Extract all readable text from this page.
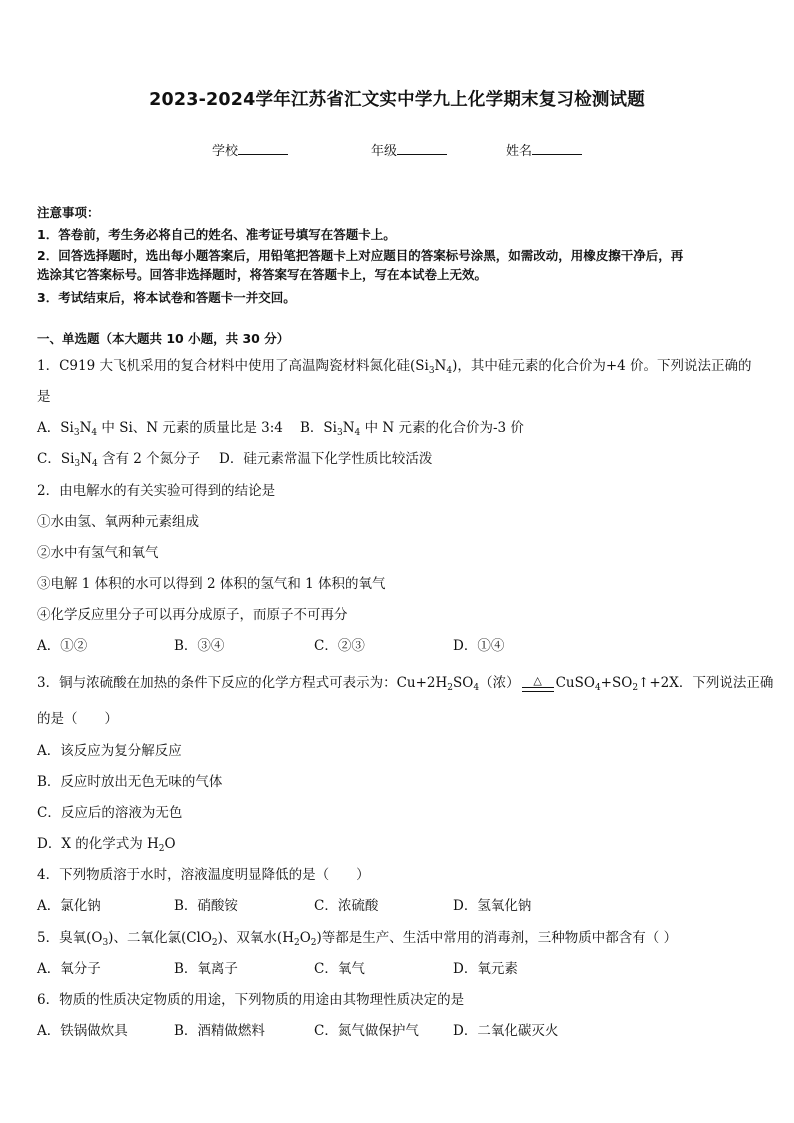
2023-2024学年江苏省汇文实中学九上化学期末复习检测试题
学校	年级	姓名
注意事项：
1．答卷前，考生务必将自己的姓名、准考证号填写在答题卡上。
2．回答选择题时，选出每小题答案后，用铅笔把答题卡上对应题目的答案标号涂黑，如需改动，用橡皮擦干净后，再
选涂其它答案标号。回答非选择题时，将答案写在答题卡上，写在本试卷上无效。
3．考试结束后，将本试卷和答题卡一并交回。
一、单选题（本大题共 10 小题，共 30 分）
1．C919 大飞机采用的复合材料中使用了高温陶瓷材料氮化硅$(Si_3N_4)$，其中硅元素的化合价为+4 价。下列说法正确的
是
A．$Si_3N_4$ 中 Si、N 元素的质量比是 3:4 B．$Si_3N_4$ 中 N 元素的化合价为-3 价
C．$Si_3N_4$ 含有 2 个氮分子 D．硅元素常温下化学性质比较活泼
2．由电解水的有关实验可得到的结论是
①水由氢、氧两种元素组成
②水中有氢气和氧气
③电解 1 体积的水可以得到 2 体积的氢气和 1 体积的氧气
④化学反应里分子可以再分成原子，而原子不可再分
A．①②	B．③④	C．②③	D．①④
3．铜与浓硫酸在加热的条件下反应的化学方程式可表示为：$Cu+2H_2SO_4$（浓） △ $CuSO_4+SO_2↑+2X$．下列说法正确
的是（　　）
A．该反应为复分解反应
B．反应时放出无色无味的气体
C．反应后的溶液为无色
D．X 的化学式为 $H_2O$
4．下列物质溶于水时，溶液温度明显降低的是（　　）
A．氯化钠	B．硝酸铵	C．浓硫酸	D．氢氧化钠
5．臭氧$(O_3)$、二氧化氯(ClO$_2$)、双氧水$(H_2O_2)$等都是生产、生活中常用的消毒剂，三种物质中都含有（ ）
A．氧分子	B．氧离子	C．氧气	D．氧元素
6．物质的性质决定物质的用途，下列物质的用途由其物理性质决定的是
A．铁锅做炊具	B．酒精做燃料	C．氮气做保护气	D．二氧化碳灭火
